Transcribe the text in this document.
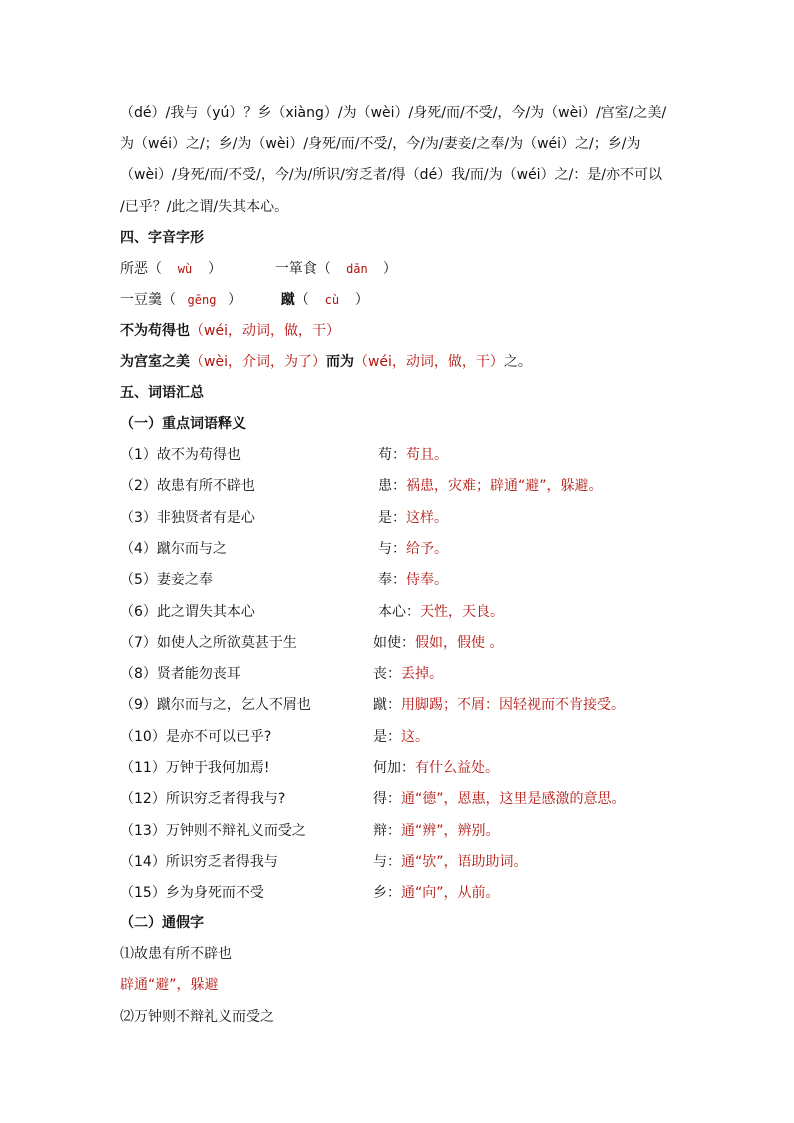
（dé）/我与（yú）？乡（xiàng）/为（wèi）/身死/而/不受/，今/为（wèi）/宫室/之美/
为（wéi）之/；乡/为（wèi）/身死/而/不受/，今/为/妻妾/之奉/为（wéi）之/；乡/为
（wèi）/身死/而/不受/，今/为/所识/穷乏者/得（dé）我/而/为（wéi）之/：是/亦不可以
/已乎？/此之谓/失其本心。
四、字音字形
所恶（ wù ）	一箪食（ dān ）
一豆羹（ gēng ）	蹴（ cù ）
不为苟得也（wéi，动词，做，干）
为宫室之美（wèi，介词，为了）而为（wéi，动词，做，干）之。
五、词语汇总
（一）重点词语释义
（1）故不为苟得也	苟：苟且。
（2）故患有所不辟也	患：祸患，灾难；辟通“避”，躲避。
（3）非独贤者有是心	是：这样。
（4）蹴尔而与之	与：给予。
（5）妻妾之奉	奉：侍奉。
（6）此之谓失其本心	本心：天性，天良。
（7）如使人之所欲莫甚于生	如使：假如，假使 。
（8）贤者能勿丧耳	丧：丢掉。
（9）蹴尔而与之，乞人不屑也	蹴：用脚踢；不屑：因轻视而不肯接受。
（10）是亦不可以已乎?	是：这。
（11）万钟于我何加焉!	何加：有什么益处。
（12）所识穷乏者得我与?	得：通“德”，恩惠，这里是感激的意思。
（13）万钟则不辩礼义而受之	辩：通“辨”，辨别。
（14）所识穷乏者得我与	与：通“欤”，语助助词。
（15）乡为身死而不受	乡：通“向”，从前。
（二）通假字
⑴故患有所不辟也
辟通“避”，躲避
⑵万钟则不辩礼义而受之
